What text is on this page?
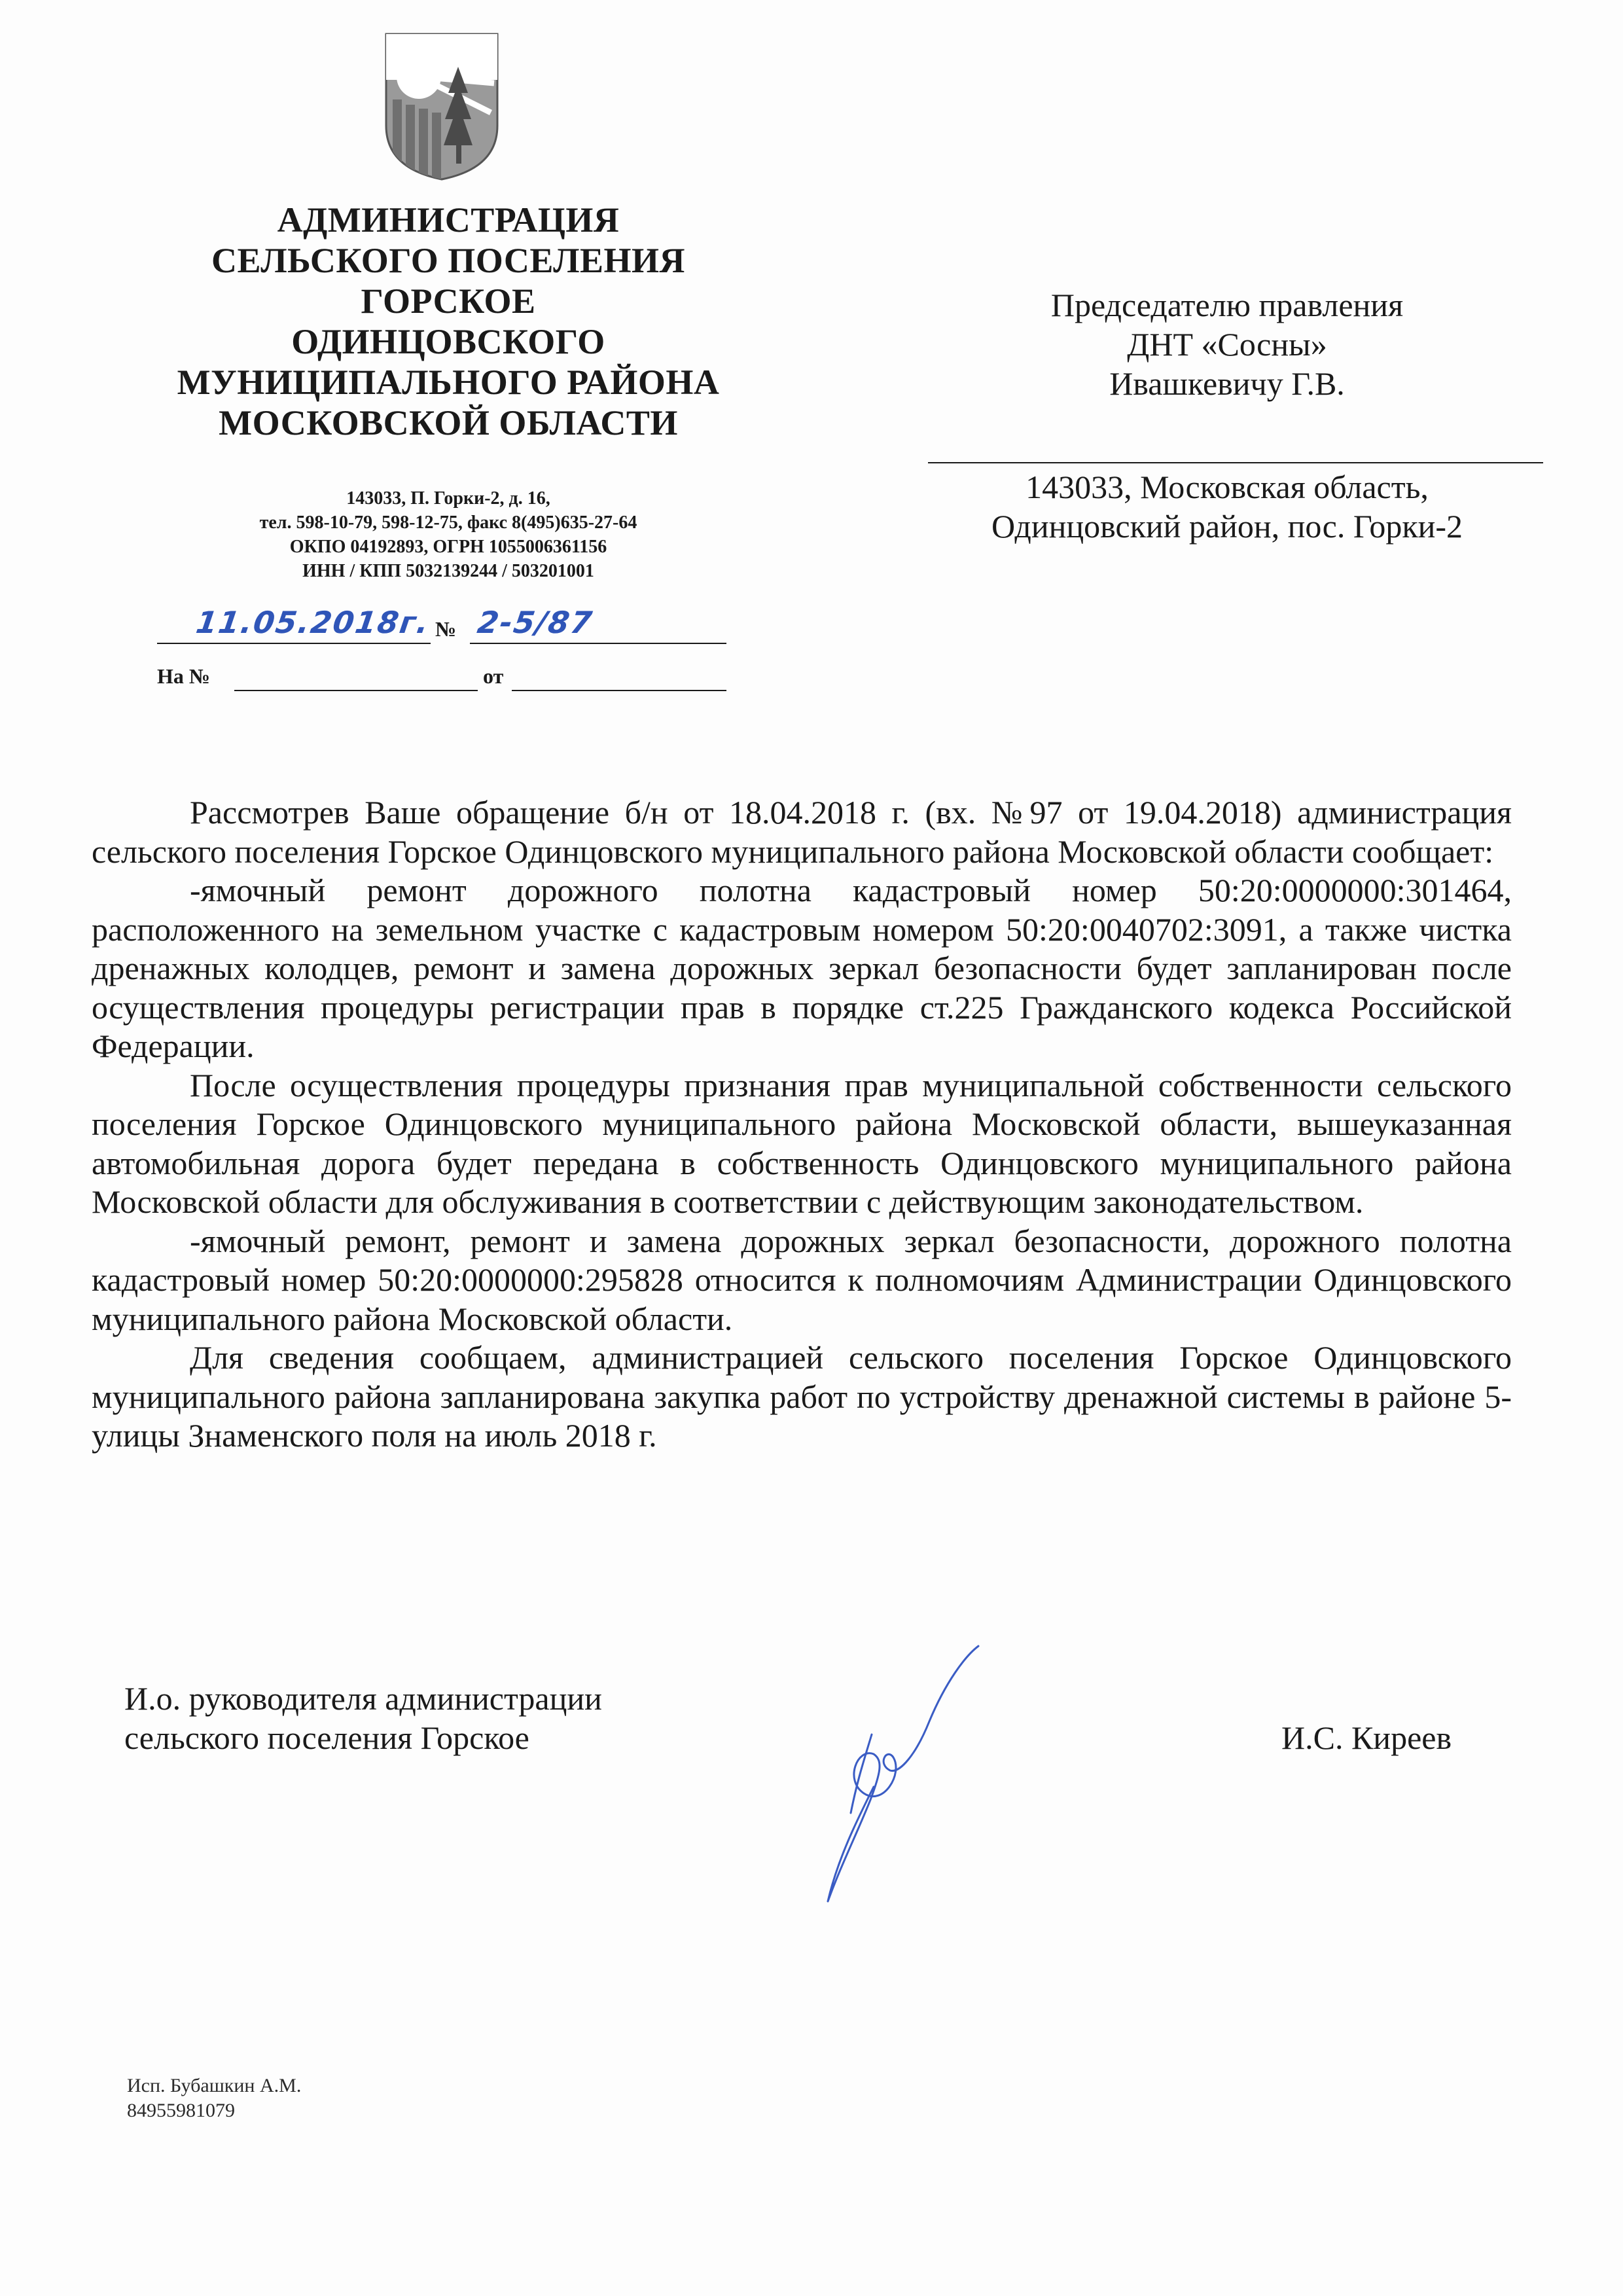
АДМИНИСТРАЦИЯ
СЕЛЬСКОГО ПОСЕЛЕНИЯ
ГОРСКОЕ
ОДИНЦОВСКОГО
МУНИЦИПАЛЬНОГО РАЙОНА
МОСКОВСКОЙ ОБЛАСТИ
143033, П. Горки-2, д. 16,
тел. 598-10-79, 598-12-75, факс 8(495)635-27-64
ОКПО 04192893, ОГРН 1055006361156
ИНН / КПП 5032139244 / 503201001
11.05.2018г. № 2-5/87
На №	от
Председателю правления
ДНТ «Сосны»
Ивашкевичу Г.В.
143033, Московская область,
Одинцовский район, пос. Горки-2

Рассмотрев Ваше обращение б/н от 18.04.2018 г. (вх. №97 от 19.04.2018) администрация сельского поселения Горское Одинцовского муниципального района Московской области сообщает:

-ямочный ремонт дорожного полотна кадастровый номер 50:20:0000000:301464, расположенного на земельном участке с кадастровым номером 50:20:0040702:3091, а также чистка дренажных колодцев, ремонт и замена дорожных зеркал безопасности будет запланирован после осуществления процедуры регистрации прав в порядке ст.225 Гражданского кодекса Российской Федерации.

После осуществления процедуры признания прав муниципальной собственности сельского поселения Горское Одинцовского муниципального района Московской области, вышеуказанная автомобильная дорога будет передана в собственность Одинцовского муниципального района Московской области для обслуживания в соответствии с действующим законодательством.

-ямочный ремонт, ремонт и замена дорожных зеркал безопасности, дорожного полотна кадастровый номер 50:20:0000000:295828 относится к полномочиям Администрации Одинцовского муниципального района Московской области.

Для сведения сообщаем, администрацией сельского поселения Горское Одинцовского муниципального района запланирована закупка работ по устройству дренажной системы в районе 5-улицы Знаменского поля на июль 2018 г.

И.о. руководителя администрации
сельского поселения Горское	И.С. Киреев
Исп. Бубашкин А.М.
84955981079
